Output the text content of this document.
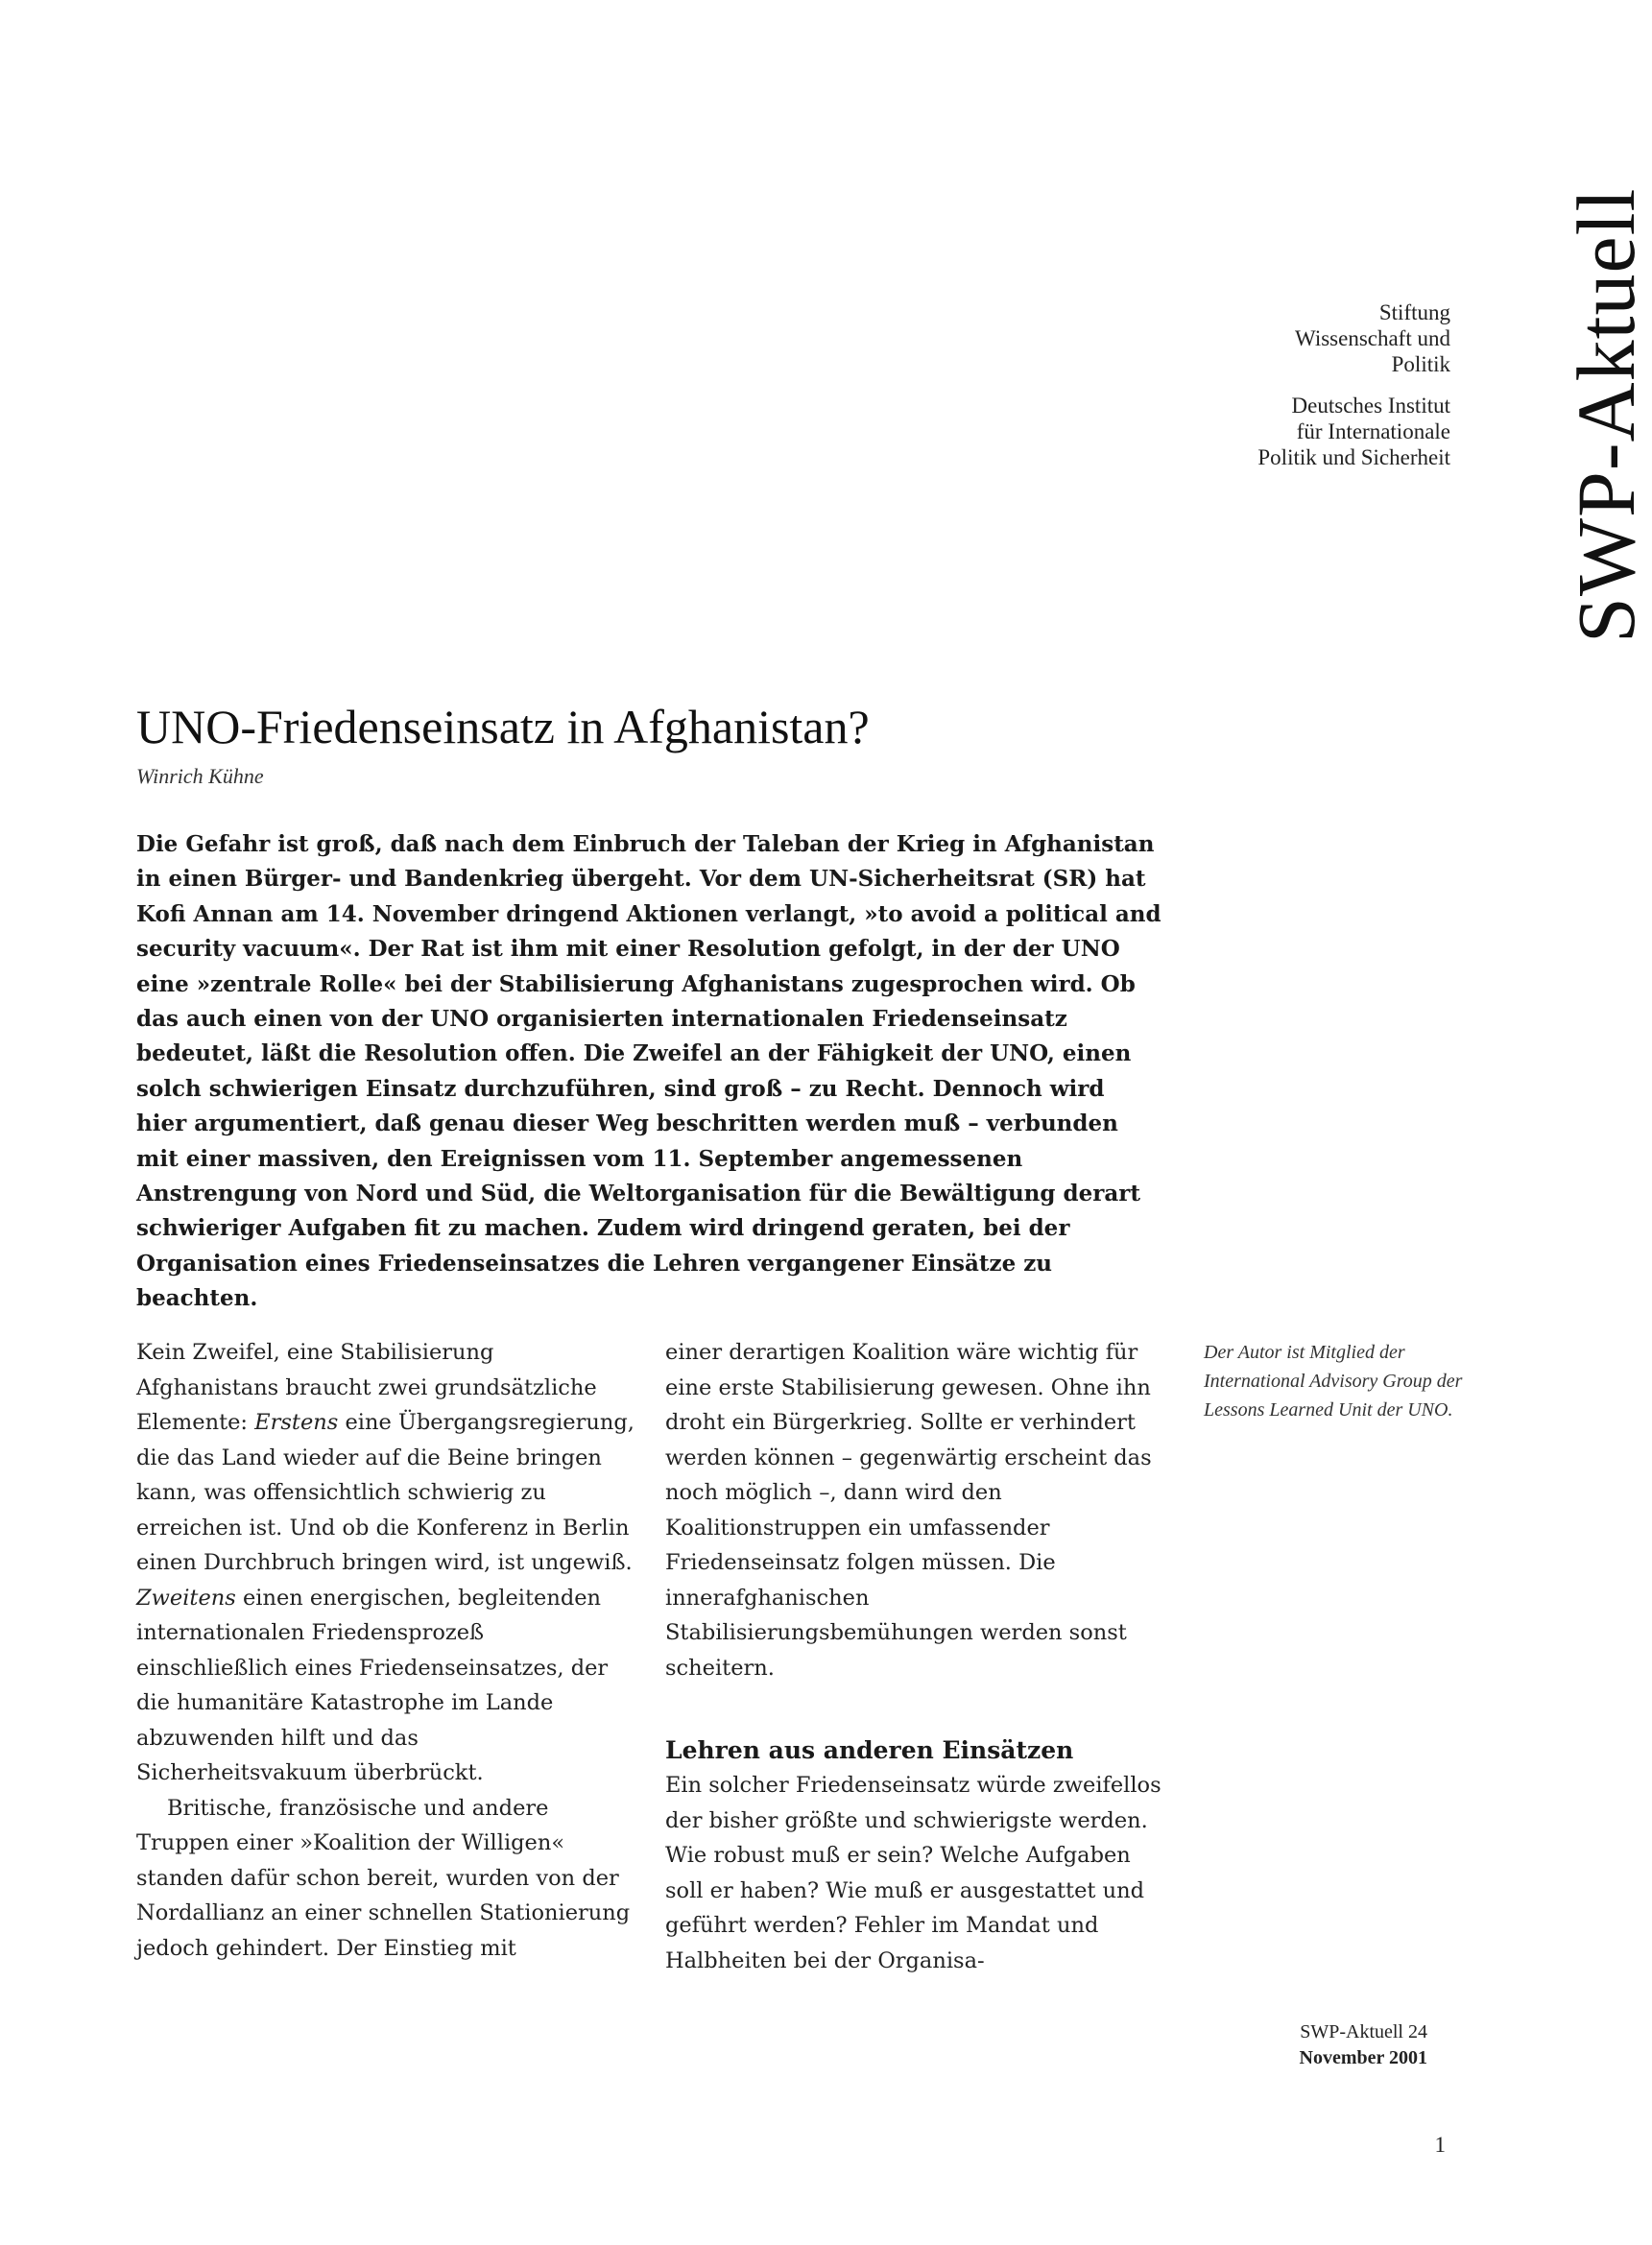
SWP-Aktuell
Stiftung
Wissenschaft und
Politik
Deutsches Institut
für Internationale
Politik und Sicherheit
UNO-Friedenseinsatz in Afghanistan?
Winrich Kühne

Die Gefahr ist groß, daß nach dem Einbruch der Taleban der Krieg in Afghanistan in einen Bürger- und Bandenkrieg übergeht. Vor dem UN-Sicherheitsrat (SR) hat Kofi Annan am 14. November dringend Aktionen verlangt, »to avoid a political and security vacuum«. Der Rat ist ihm mit einer Resolution gefolgt, in der der UNO eine »zentrale Rolle« bei der Stabilisierung Afghanistans zugesprochen wird. Ob das auch einen von der UNO organisierten internationalen Friedenseinsatz bedeutet, läßt die Resolution offen. Die Zweifel an der Fähigkeit der UNO, einen solch schwierigen Einsatz durchzuführen, sind groß – zu Recht. Dennoch wird hier argumentiert, daß genau dieser Weg beschritten werden muß – verbunden mit einer massiven, den Ereignissen vom 11. September angemessenen Anstrengung von Nord und Süd, die Weltorganisation für die Bewältigung derart schwieriger Aufgaben fit zu machen. Zudem wird dringend geraten, bei der Organisation eines Friedenseinsatzes die Lehren vergangener Einsätze zu beachten.

Kein Zweifel, eine Stabilisierung Afghanistans braucht zwei grundsätzliche Elemente: Erstens eine Übergangsregierung, die das Land wieder auf die Beine bringen kann, was offensichtlich schwierig zu erreichen ist. Und ob die Konferenz in Berlin einen Durchbruch bringen wird, ist ungewiß. Zweitens einen energischen, begleitenden internationalen Friedensprozeß einschließlich eines Friedenseinsatzes, der die humanitäre Katastrophe im Lande abzuwenden hilft und das Sicherheitsvakuum überbrückt.

Britische, französische und andere Truppen einer »Koalition der Willigen« standen dafür schon bereit, wurden von der Nordallianz an einer schnellen Stationierung jedoch gehindert. Der Einstieg mit

einer derartigen Koalition wäre wichtig für eine erste Stabilisierung gewesen. Ohne ihn droht ein Bürgerkrieg. Sollte er verhindert werden können – gegenwärtig erscheint das noch möglich –, dann wird den Koalitionstruppen ein umfassender Friedenseinsatz folgen müssen. Die innerafghanischen Stabilisierungsbemühungen werden sonst scheitern.

Lehren aus anderen Einsätzen

Ein solcher Friedenseinsatz würde zweifellos der bisher größte und schwierigste werden. Wie robust muß er sein? Welche Aufgaben soll er haben? Wie muß er ausgestattet und geführt werden? Fehler im Mandat und Halbheiten bei der Organisa-

Der Autor ist Mitglied der International Advisory Group der Lessons Learned Unit der UNO.
SWP-Aktuell 24
November 2001
1
